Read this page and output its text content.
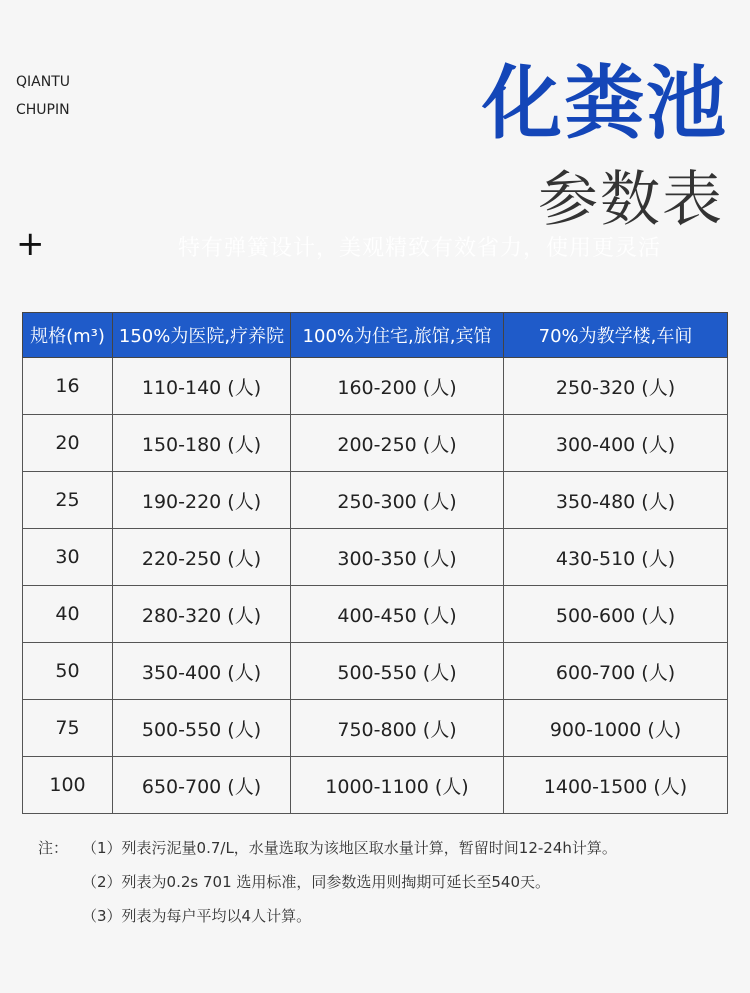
QIANTU
CHUPIN	化粪池
参数表
+	特有弹簧设计，美观精致有效省力，使用更灵活
规格(m³)	150%为医院,疗养院	100%为住宅,旅馆,宾馆	70%为教学楼,车间
16	110-140 (人)	160-200 (人)	250-320 (人)
20	150-180 (人)	200-250 (人)	300-400 (人)
25	190-220 (人)	250-300 (人)	350-480 (人)
30	220-250 (人)	300-350 (人)	430-510 (人)
40	280-320 (人)	400-450 (人)	500-600 (人)
50	350-400 (人)	500-550 (人)	600-700 (人)
75	500-550 (人)	750-800 (人)	900-1000 (人)
100	650-700 (人)	1000-1100 (人)	1400-1500 (人)
注： （1）列表污泥量0.7/L，水量选取为该地区取水量计算，暂留时间12-24h计算。
（2）列表为0.2s 701 选用标准，同参数选用则掏期可延长至540天。
（3）列表为每户平均以4人计算。
